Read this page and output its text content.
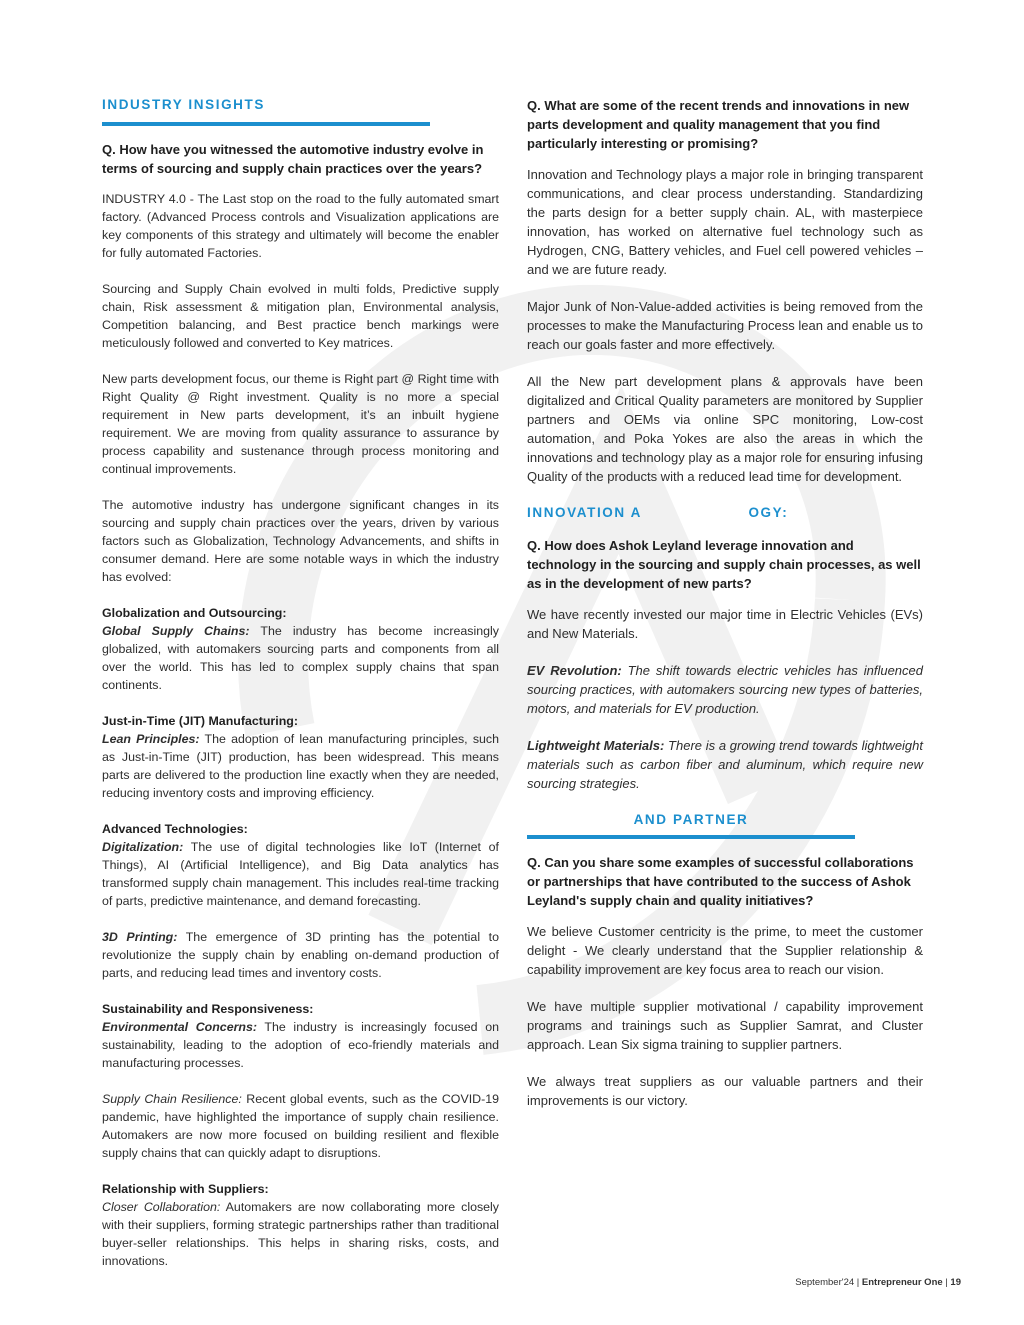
INDUSTRY INSIGHTS
Q. How have you witnessed the automotive industry evolve in terms of sourcing and supply chain practices over the years?

INDUSTRY 4.0 - The Last stop on the road to the fully automated smart factory. (Advanced Process controls and Visualization applications are key components of this strategy and ultimately will become the enabler for fully automated Factories.

Sourcing and Supply Chain evolved in multi folds, Predictive supply chain, Risk assessment & mitigation plan, Environmental analysis, Competition balancing, and Best practice bench markings were meticulously followed and converted to Key matrices.

New parts development focus, our theme is Right part @ Right time with Right Quality @ Right investment. Quality is no more a special requirement in New parts development, it’s an inbuilt hygiene requirement. We are moving from quality assurance to assurance by process capability and sustenance through process monitoring and continual improvements.

The automotive industry has undergone significant changes in its sourcing and supply chain practices over the years, driven by various factors such as Globalization, Technology Advancements, and shifts in consumer demand. Here are some notable ways in which the industry has evolved:

Globalization and Outsourcing:

Global Supply Chains: The industry has become increasingly globalized, with automakers sourcing parts and components from all over the world. This has led to complex supply chains that span continents.

Just-in-Time (JIT) Manufacturing:

Lean Principles: The adoption of lean manufacturing principles, such as Just-in-Time (JIT) production, has been widespread. This means parts are delivered to the production line exactly when they are needed, reducing inventory costs and improving efficiency.

Advanced Technologies:

Digitalization: The use of digital technologies like IoT (Internet of Things), AI (Artificial Intelligence), and Big Data analytics has transformed supply chain management. This includes real-time tracking of parts, predictive maintenance, and demand forecasting.

3D Printing: The emergence of 3D printing has the potential to revolutionize the supply chain by enabling on-demand production of parts, and reducing lead times and inventory costs.

Sustainability and Responsiveness:

Environmental Concerns: The industry is increasingly focused on sustainability, leading to the adoption of eco-friendly materials and manufacturing processes.

Supply Chain Resilience: Recent global events, such as the COVID-19 pandemic, have highlighted the importance of supply chain resilience. Automakers are now more focused on building resilient and flexible supply chains that can quickly adapt to disruptions.

Relationship with Suppliers:

Closer Collaboration: Automakers are now collaborating more closely with their suppliers, forming strategic partnerships rather than traditional buyer-seller relationships. This helps in sharing risks, costs, and innovations.

Q. What are some of the recent trends and innovations in new parts development and quality management that you find particularly interesting or promising?

Innovation and Technology plays a major role in bringing transparent communications, and clear process understanding. Standardizing the parts design for a better supply chain. AL, with masterpiece innovation, has worked on alternative fuel technology such as Hydrogen, CNG, Battery vehicles, and Fuel cell powered vehicles – and we are future ready.

Major Junk of Non-Value-added activities is being removed from the processes to make the Manufacturing Process lean and enable us to reach our goals faster and more effectively.

All the New part development plans & approvals have been digitalized and Critical Quality parameters are monitored by Supplier partners and OEMs via online SPC monitoring, Low-cost automation, and Poka Yokes are also the areas in which the innovations and technology play as a major role for ensuring infusing Quality of the products with a reduced lead time for development.

INNOVATION A                    OGY:
Q. How does Ashok Leyland leverage innovation and technology in the sourcing and supply chain processes, as well as in the development of new parts?

We have recently invested our major time in Electric Vehicles (EVs) and New Materials.

EV Revolution: The shift towards electric vehicles has influenced sourcing practices, with automakers sourcing new types of batteries, motors, and materials for EV production.

Lightweight Materials: There is a growing trend towards lightweight materials such as carbon fiber and aluminum, which require new sourcing strategies.

AND PARTNER
Q. Can you share some examples of successful collaborations or partnerships that have contributed to the success of Ashok Leyland's supply chain and quality initiatives?

We believe Customer centricity is the prime, to meet the customer delight - We clearly understand that the Supplier relationship & capability improvement are key focus area to reach our vision.

We have multiple supplier motivational / capability improvement programs and trainings such as Supplier Samrat, and Cluster approach. Lean Six sigma training to supplier partners.

We always treat suppliers as our valuable partners and their improvements is our victory.

September'24 | Entrepreneur One | 19
